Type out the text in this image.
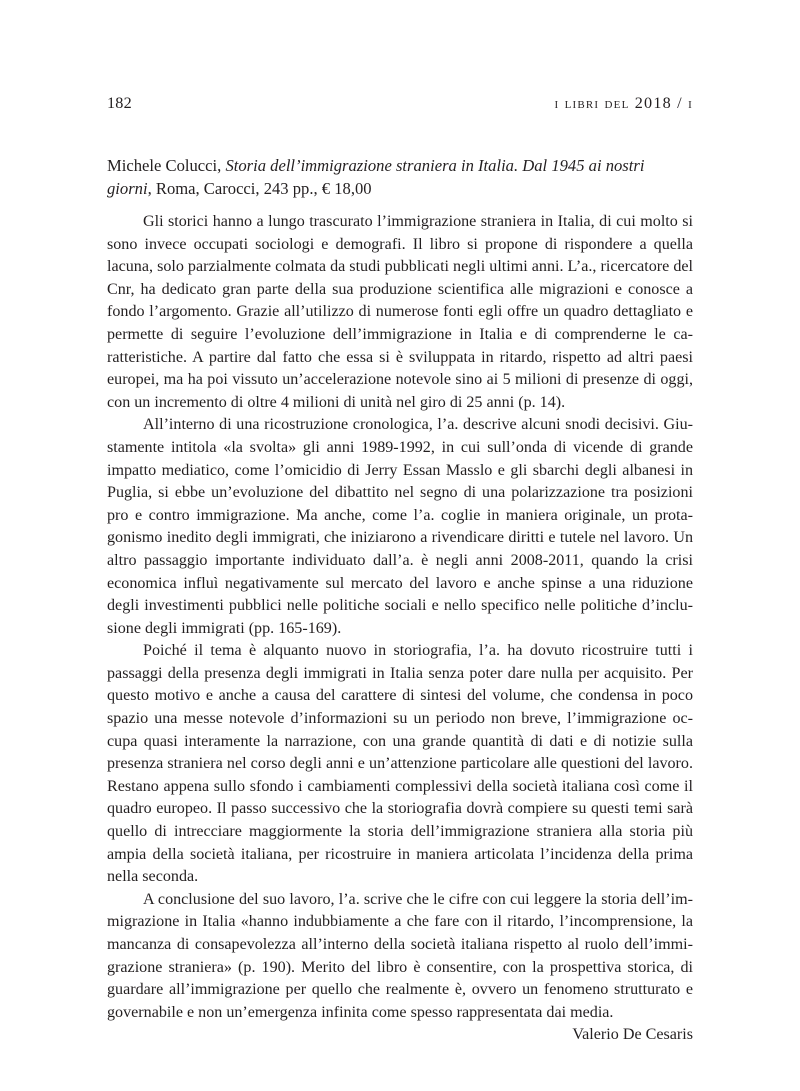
182	i libri del 2018 / i
Michele Colucci, Storia dell’immigrazione straniera in Italia. Dal 1945 ai nostri giorni, Roma, Carocci, 243 pp., € 18,00

Gli storici hanno a lungo trascurato l’immigrazione straniera in Italia, di cui molto si sono invece occupati sociologi e demografi. Il libro si propone di rispondere a quella lacuna, solo parzialmente colmata da studi pubblicati negli ultimi anni. L’a., ricercatore del Cnr, ha dedicato gran parte della sua produzione scientifica alle migrazioni e conosce a fondo l’argomento. Grazie all’utilizzo di numerose fonti egli offre un quadro dettagliato e permette di seguire l’evoluzione dell’immigrazione in Italia e di comprenderne le caratteristiche. A partire dal fatto che essa si è sviluppata in ritardo, rispetto ad altri paesi europei, ma ha poi vissuto un’accelerazione notevole sino ai 5 milioni di presenze di oggi, con un incremento di oltre 4 milioni di unità nel giro di 25 anni (p. 14).

All’interno di una ricostruzione cronologica, l’a. descrive alcuni snodi decisivi. Giustamente intitola «la svolta» gli anni 1989-1992, in cui sull’onda di vicende di grande impatto mediatico, come l’omicidio di Jerry Essan Masslo e gli sbarchi degli albanesi in Puglia, si ebbe un’evoluzione del dibattito nel segno di una polarizzazione tra posizioni pro e contro immigrazione. Ma anche, come l’a. coglie in maniera originale, un protagonismo inedito degli immigrati, che iniziarono a rivendicare diritti e tutele nel lavoro. Un altro passaggio importante individuato dall’a. è negli anni 2008-2011, quando la crisi economica influì negativamente sul mercato del lavoro e anche spinse a una riduzione degli investimenti pubblici nelle politiche sociali e nello specifico nelle politiche d’inclusione degli immigrati (pp. 165-169).

Poiché il tema è alquanto nuovo in storiografia, l’a. ha dovuto ricostruire tutti i passaggi della presenza degli immigrati in Italia senza poter dare nulla per acquisito. Per questo motivo e anche a causa del carattere di sintesi del volume, che condensa in poco spazio una messe notevole d’informazioni su un periodo non breve, l’immigrazione occupa quasi interamente la narrazione, con una grande quantità di dati e di notizie sulla presenza straniera nel corso degli anni e un’attenzione particolare alle questioni del lavoro. Restano appena sullo sfondo i cambiamenti complessivi della società italiana così come il quadro europeo. Il passo successivo che la storiografia dovrà compiere su questi temi sarà quello di intrecciare maggiormente la storia dell’immigrazione straniera alla storia più ampia della società italiana, per ricostruire in maniera articolata l’incidenza della prima nella seconda.

A conclusione del suo lavoro, l’a. scrive che le cifre con cui leggere la storia dell’immigrazione in Italia «hanno indubbiamente a che fare con il ritardo, l’incomprensione, la mancanza di consapevolezza all’interno della società italiana rispetto al ruolo dell’immigrazione straniera» (p. 190). Merito del libro è consentire, con la prospettiva storica, di guardare all’immigrazione per quello che realmente è, ovvero un fenomeno strutturato e governabile e non un’emergenza infinita come spesso rappresentata dai media.

Valerio De Cesaris
